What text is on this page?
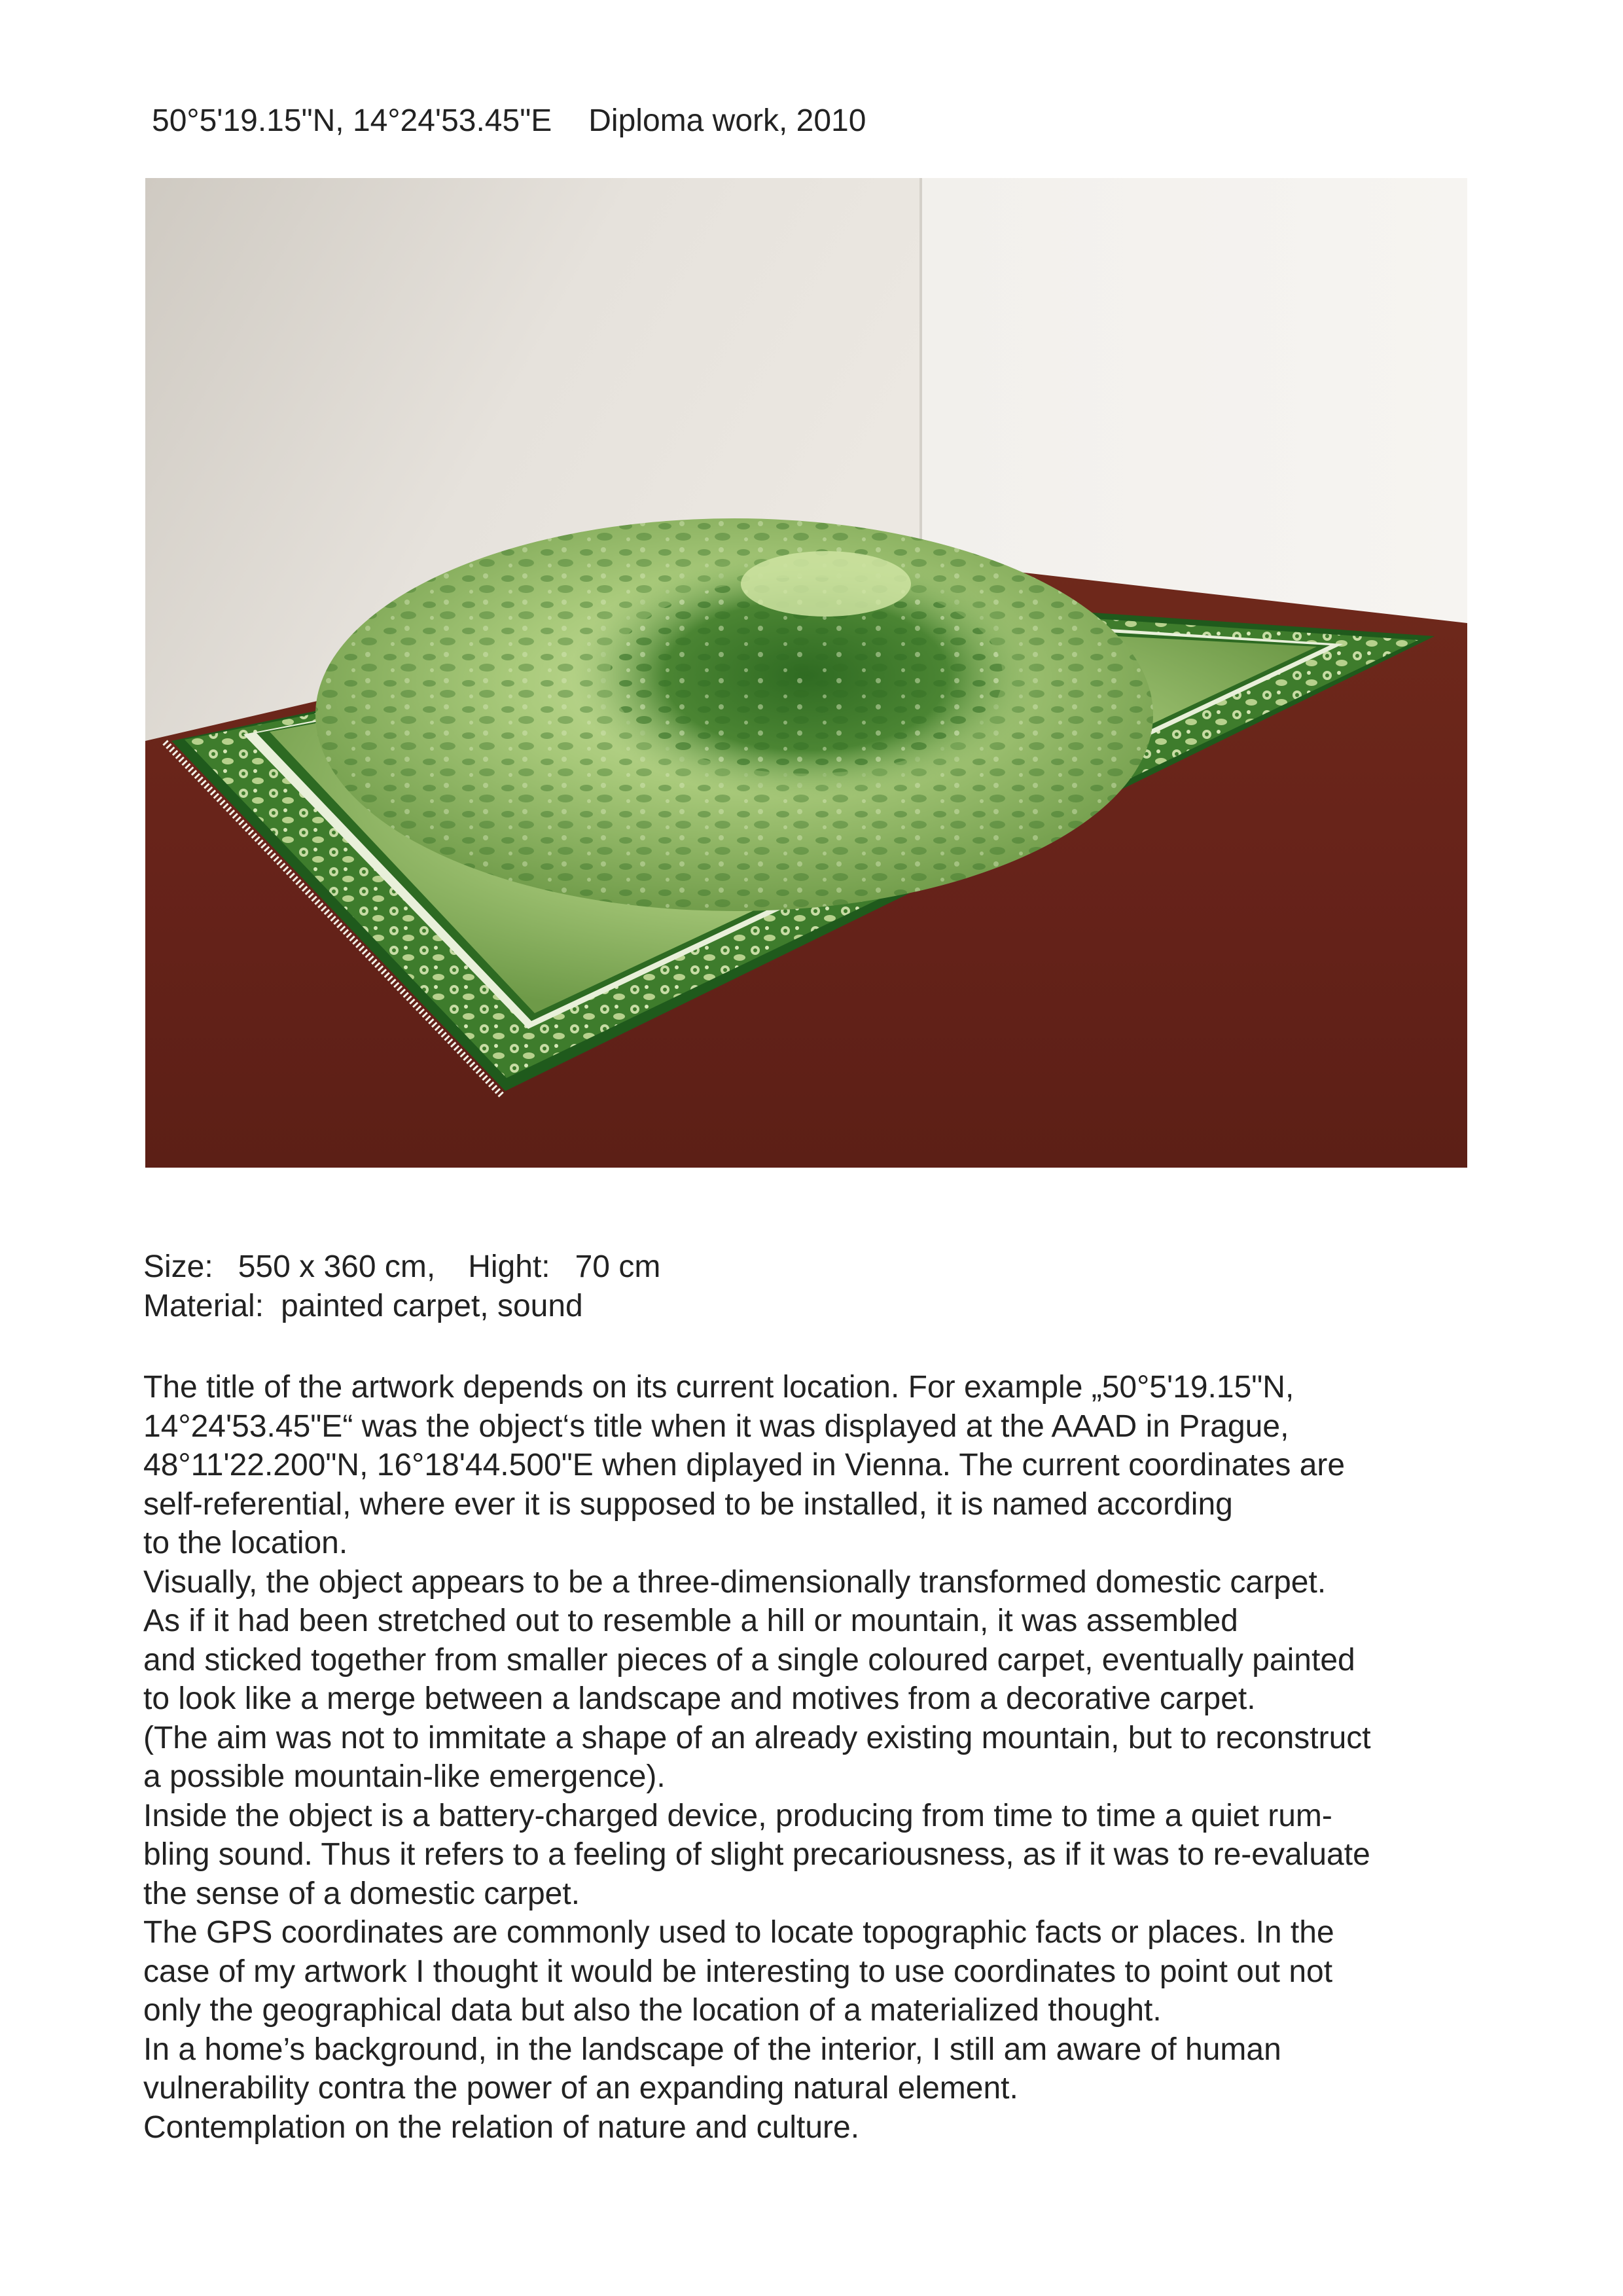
50°5'19.15"N, 14°24'53.45"E Diploma work, 2010
Size: 550 x 360 cm, Hight: 70 cm
Material: painted carpet, sound
The title of the artwork depends on its current location. For example „50°5'19.15"N,
14°24'53.45"E“ was the object‘s title when it was displayed at the AAAD in Prague,
48°11'22.200"N, 16°18'44.500"E when diplayed in Vienna. The current coordinates are
self-referential, where ever it is supposed to be installed, it is named according
to the location.
Visually, the object appears to be a three-dimensionally transformed domestic carpet.
As if it had been stretched out to resemble a hill or mountain, it was assembled
and sticked together from smaller pieces of a single coloured carpet, eventually painted
to look like a merge between a landscape and motives from a decorative carpet.
(The aim was not to immitate a shape of an already existing mountain, but to reconstruct
a possible mountain-like emergence).
Inside the object is a battery-charged device, producing from time to time a quiet rum-
bling sound. Thus it refers to a feeling of slight precariousness, as if it was to re-evaluate
the sense of a domestic carpet.
The GPS coordinates are commonly used to locate topographic facts or places. In the
case of my artwork I thought it would be interesting to use coordinates to point out not
only the geographical data but also the location of a materialized thought.
In a home’s background, in the landscape of the interior, I still am aware of human
vulnerability contra the power of an expanding natural element.
Contemplation on the relation of nature and culture.
